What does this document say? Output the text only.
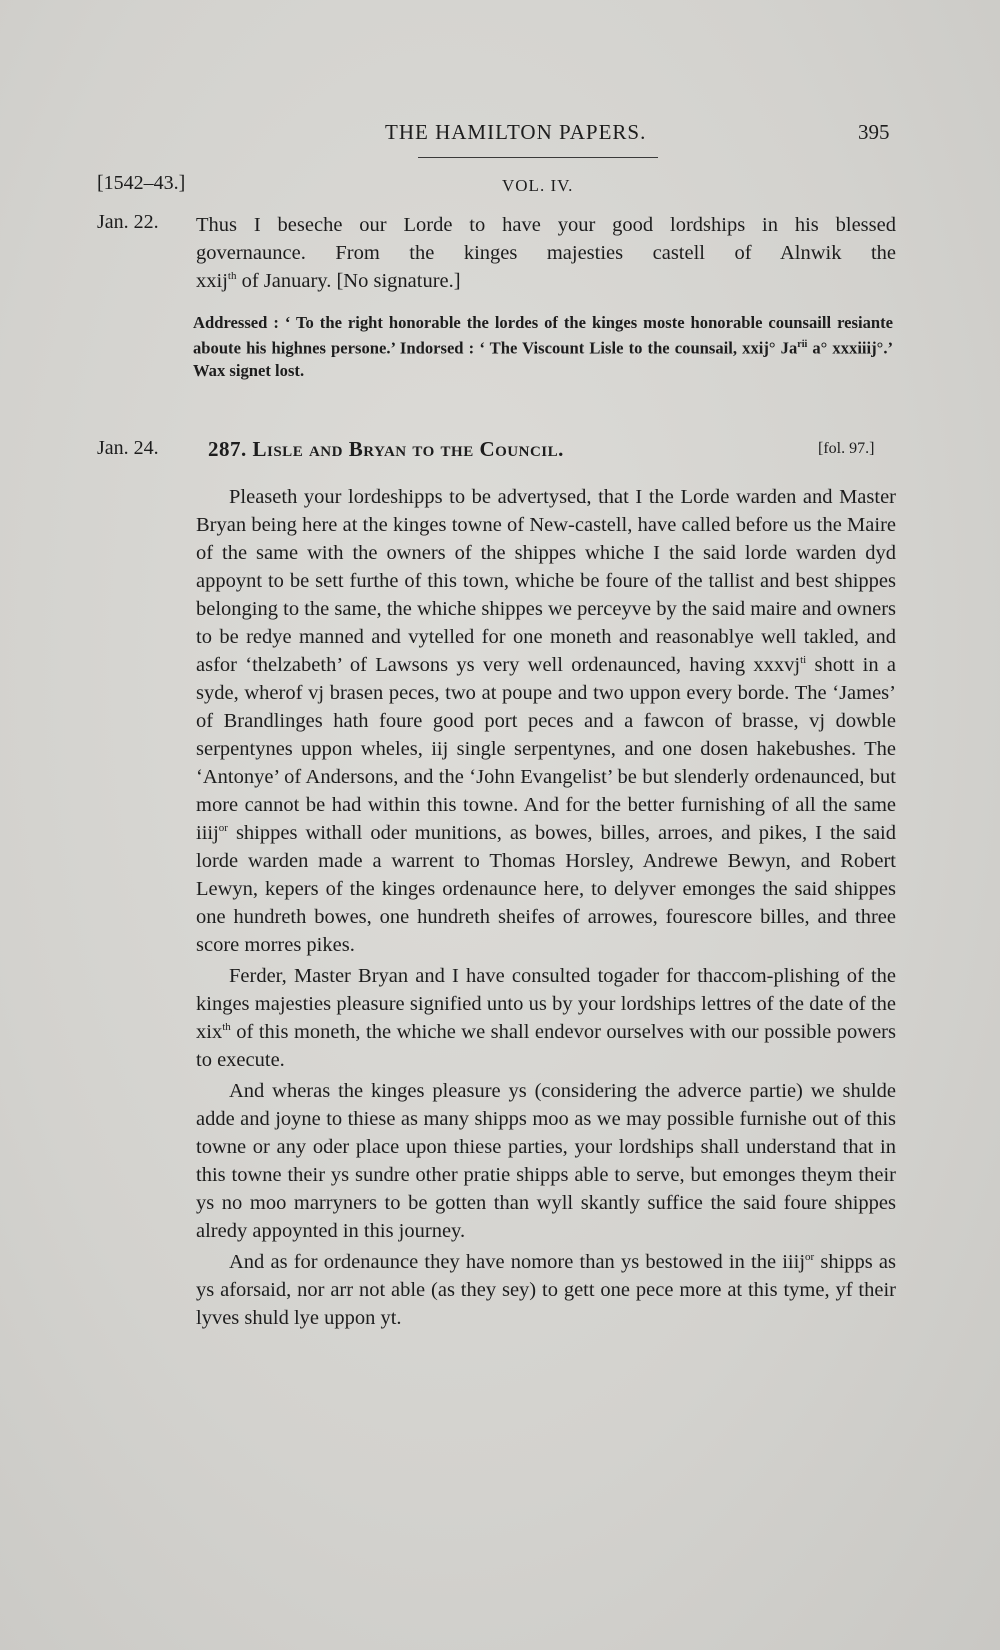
THE HAMILTON PAPERS.	395
[1542–43.]	VOL. IV.
Jan. 22. Thus I beseche our Lorde to have your good lordships in his blessed
governaunce. From the kinges majesties castell of Alnwik the
xxij$^{th}$ of January. [No signature.]
Addressed : ‘ To the right honorable the lordes of the kinges moste honorable counsaill resiante aboute his highnes persone.’ Indorsed : ‘ The Viscount Lisle to the counsail, xxij° $Ja^{rii}$ a° xxxiiij°.’ Wax signet lost.
Jan. 24. 287. Lisle and Bryan to the Council.	[fol. 97.]

Pleaseth your lordeshipps to be advertysed, that I the Lorde warden and Master Bryan being here at the kinges towne of New-castell, have called before us the Maire of the same with the owners of the shippes whiche I the said lorde warden dyd appoynt to be sett furthe of this town, whiche be foure of the tallist and best shippes belonging to the same, the whiche shippes we perceyve by the said maire and owners to be redye manned and vytelled for one moneth and reasonablye well takled, and asfor ‘thelzabeth’ of Lawsons ys very well ordenaunced, having xxxvj$^{ti}$ shott in a syde, wherof vj brasen peces, two at poupe and two uppon every borde. The ‘James’ of Brandlinges hath foure good port peces and a fawcon of brasse, vj dowble serpentynes uppon wheles, iij single serpentynes, and one dosen hakebushes. The ‘Antonye’ of Andersons, and the ‘John Evangelist’ be but slenderly ordenaunced, but more cannot be had within this towne. And for the better furnishing of all the same iiij$^{or}$ shippes withall oder munitions, as bowes, billes, arroes, and pikes, I the said lorde warden made a warrent to Thomas Horsley, Andrewe Bewyn, and Robert Lewyn, kepers of the kinges ordenaunce here, to delyver emonges the said shippes one hundreth bowes, one hundreth sheifes of arrowes, fourescore billes, and three score morres pikes.

Ferder, Master Bryan and I have consulted togader for thaccom-plishing of the kinges majesties pleasure signified unto us by your lordships lettres of the date of the xix$^{th}$ of this moneth, the whiche we shall endevor ourselves with our possible powers to execute.

And wheras the kinges pleasure ys (considering the adverce partie) we shulde adde and joyne to thiese as many shipps moo as we may possible furnishe out of this towne or any oder place upon thiese parties, your lordships shall understand that in this towne their ys sundre other pratie shipps able to serve, but emonges theym their ys no moo marryners to be gotten than wyll skantly suffice the said foure shippes alredy appoynted in this journey.

And as for ordenaunce they have nomore than ys bestowed in the iiij$^{or}$ shipps as ys aforsaid, nor arr not able (as they sey) to gett one pece more at this tyme, yf their lyves shuld lye uppon yt.
